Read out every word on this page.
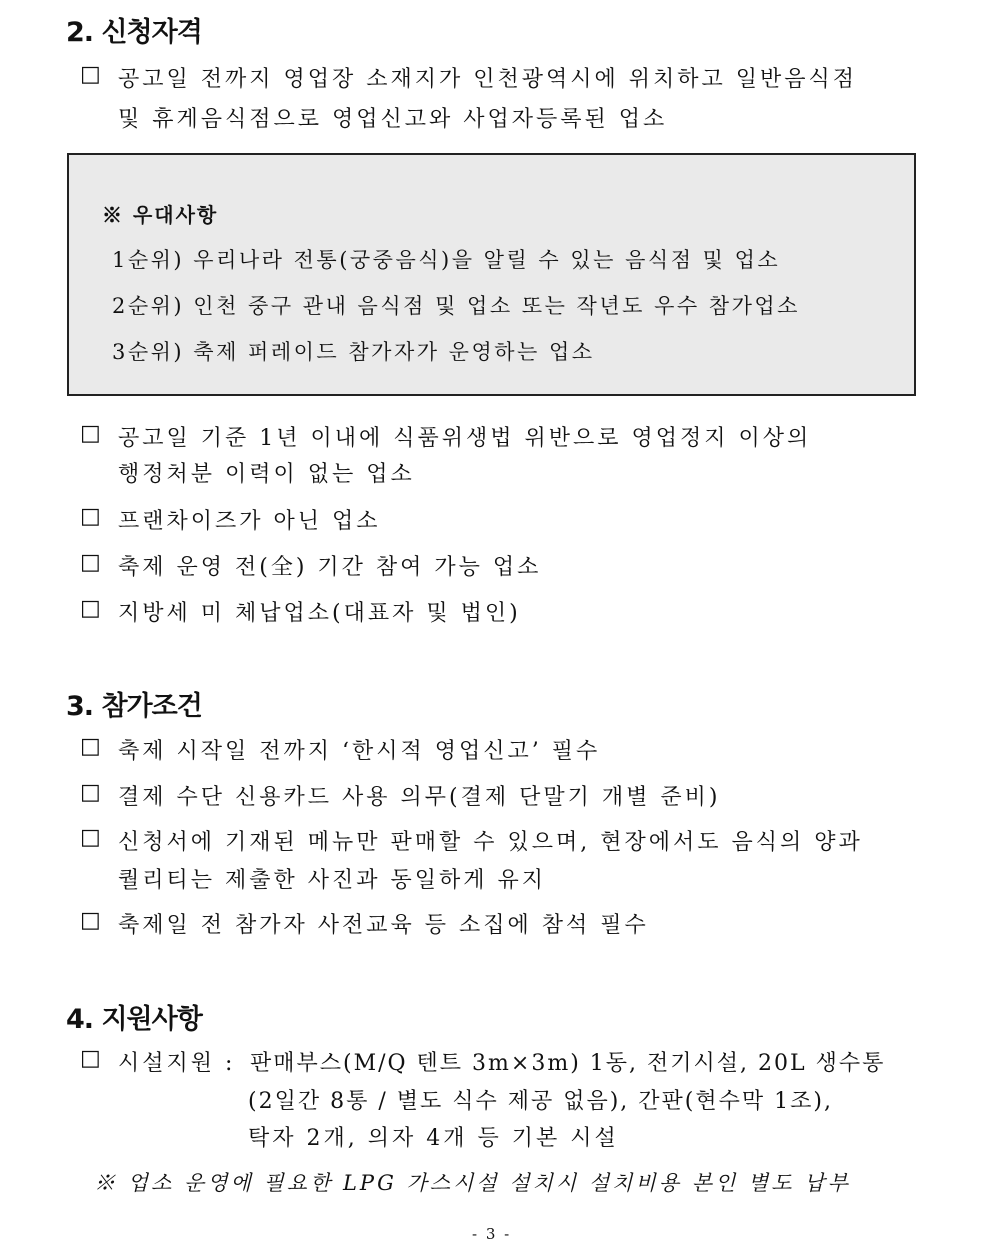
2. 신청자격
□ 공고일 전까지 영업장 소재지가 인천광역시에 위치하고 일반음식점
및 휴게음식점으로 영업신고와 사업자등록된 업소
※ 우대사항
1순위) 우리나라 전통(궁중음식)을 알릴 수 있는 음식점 및 업소
2순위) 인천 중구 관내 음식점 및 업소 또는 작년도 우수 참가업소
3순위) 축제 퍼레이드 참가자가 운영하는 업소
□ 공고일 기준 1년 이내에 식품위생법 위반으로 영업정지 이상의
행정처분 이력이 없는 업소
□ 프랜차이즈가 아닌 업소
□ 축제 운영 전(全) 기간 참여 가능 업소
□ 지방세 미 체납업소(대표자 및 법인)
3. 참가조건
□ 축제 시작일 전까지 ‘한시적 영업신고’ 필수
□ 결제 수단 신용카드 사용 의무(결제 단말기 개별 준비)
□ 신청서에 기재된 메뉴만 판매할 수 있으며, 현장에서도 음식의 양과
퀄리티는 제출한 사진과 동일하게 유지
□ 축제일 전 참가자 사전교육 등 소집에 참석 필수
4. 지원사항
□ 시설지원 : 판매부스(M/Q 텐트 3m×3m) 1동, 전기시설, 20L 생수통
(2일간 8통 / 별도 식수 제공 없음), 간판(현수막 1조),
탁자 2개, 의자 4개 등 기본 시설
※ 업소 운영에 필요한 LPG 가스시설 설치시 설치비용 본인 별도 납부
- 3 -
